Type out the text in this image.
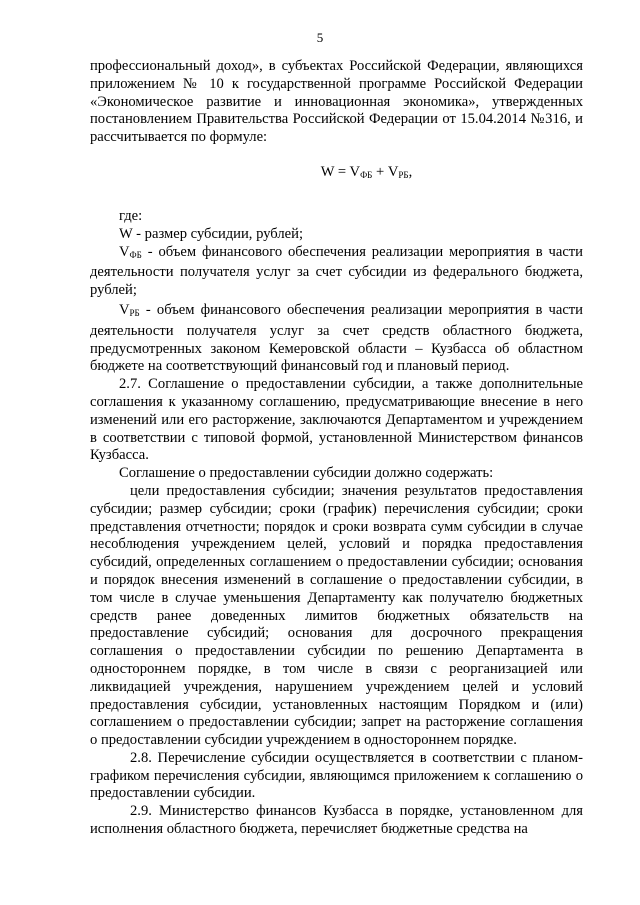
5

профессиональный доход», в субъектах Российской Федерации, являющихся приложением № 10 к государственной программе Российской Федерации «Экономическое развитие и инновационная экономика», утвержденных постановлением Правительства Российской Федерации от 15.04.2014 №316, и рассчитывается по формуле:

$W = V_{ФБ} + V_{РБ}$,

где:

W - размер субсидии, рублей;

$V_{ФБ}$ - объем финансового обеспечения реализации мероприятия в части деятельности получателя услуг за счет субсидии из федерального бюджета, рублей;

$V_{РБ}$ - объем финансового обеспечения реализации мероприятия в части деятельности получателя услуг за счет средств областного бюджета, предусмотренных законом Кемеровской области – Кузбасса об областном бюджете на соответствующий финансовый год и плановый период.

2.7. Соглашение о предоставлении субсидии, а также дополнительные соглашения к указанному соглашению, предусматривающие внесение в него изменений или его расторжение, заключаются Департаментом и учреждением в соответствии с типовой формой, установленной Министерством финансов Кузбасса.

Соглашение о предоставлении субсидии должно содержать:

цели предоставления субсидии; значения результатов предоставления субсидии; размер субсидии; сроки (график) перечисления субсидии; сроки представления отчетности; порядок и сроки возврата сумм субсидии в случае несоблюдения учреждением целей, условий и порядка предоставления субсидий, определенных соглашением о предоставлении субсидии; основания и порядок внесения изменений в соглашение о предоставлении субсидии, в том числе в случае уменьшения Департаменту как получателю бюджетных средств ранее доведенных лимитов бюджетных обязательств на предоставление субсидий; основания для досрочного прекращения соглашения о предоставлении субсидии по решению Департамента в одностороннем порядке, в том числе в связи с реорганизацией или ликвидацией учреждения, нарушением учреждением целей и условий предоставления субсидии, установленных настоящим Порядком и (или) соглашением о предоставлении субсидии; запрет на расторжение соглашения о предоставлении субсидии учреждением в одностороннем порядке.

2.8. Перечисление субсидии осуществляется в соответствии с планом-графиком перечисления субсидии, являющимся приложением к соглашению о предоставлении субсидии.

2.9. Министерство финансов Кузбасса в порядке, установленном для исполнения областного бюджета, перечисляет бюджетные средства на
